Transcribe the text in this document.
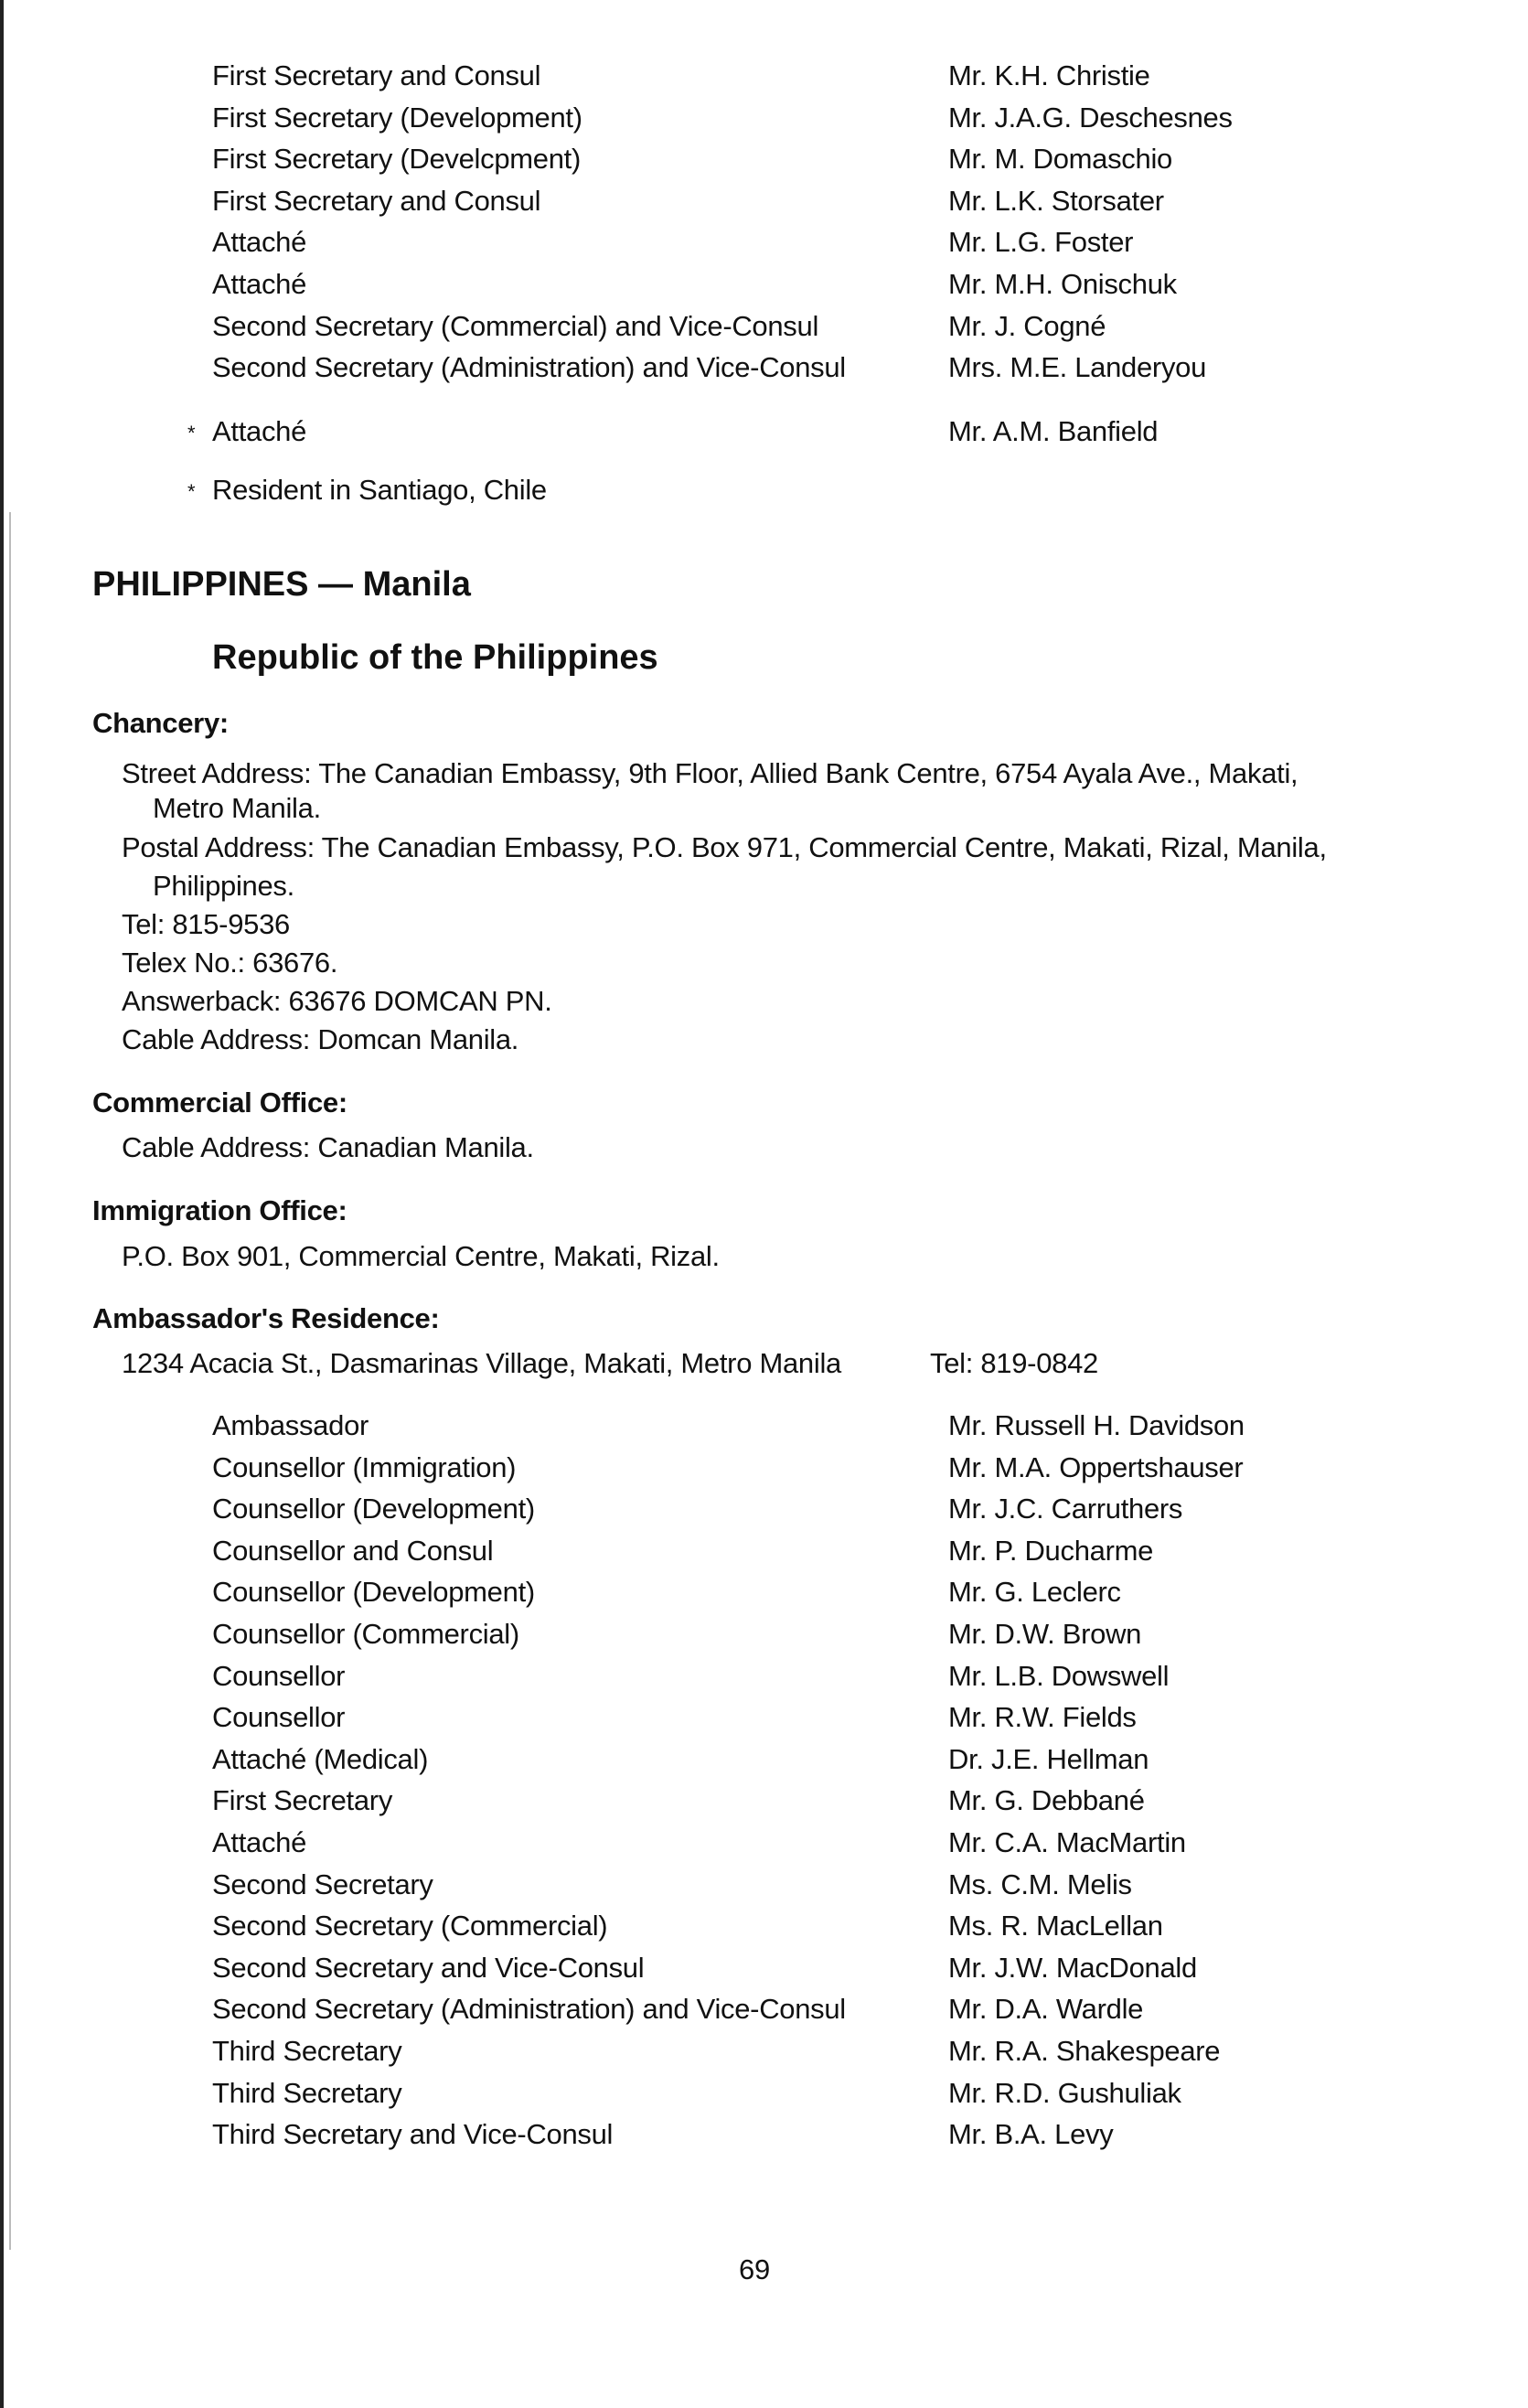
First Secretary and Consul	Mr. K.H. Christie
First Secretary (Development)	Mr. J.A.G. Deschesnes
First Secretary (Develcpment)	Mr. M. Domaschio
First Secretary and Consul	Mr. L.K. Storsater
Attaché	Mr. L.G. Foster
Attaché	Mr. M.H. Onischuk
Second Secretary (Commercial) and Vice-Consul	Mr. J. Cogné
Second Secretary (Administration) and Vice-Consul	Mrs. M.E. Landeryou
* Attaché	Mr. A.M. Banfield
* Resident in Santiago, Chile
PHILIPPINES — Manila
Republic of the Philippines
Chancery:
Street Address: The Canadian Embassy, 9th Floor, Allied Bank Centre, 6754 Ayala Ave., Makati,
Metro Manila.
Postal Address: The Canadian Embassy, P.O. Box 971, Commercial Centre, Makati, Rizal, Manila,
Philippines.
Tel: 815-9536
Telex No.: 63676.
Answerback: 63676 DOMCAN PN.
Cable Address: Domcan Manila.
Commercial Office:
Cable Address: Canadian Manila.
Immigration Office:
P.O. Box 901, Commercial Centre, Makati, Rizal.
Ambassador's Residence:
1234 Acacia St., Dasmarinas Village, Makati, Metro Manila	Tel: 819-0842
Ambassador	Mr. Russell H. Davidson
Counsellor (Immigration)	Mr. M.A. Oppertshauser
Counsellor (Development)	Mr. J.C. Carruthers
Counsellor and Consul	Mr. P. Ducharme
Counsellor (Development)	Mr. G. Leclerc
Counsellor (Commercial)	Mr. D.W. Brown
Counsellor	Mr. L.B. Dowswell
Counsellor	Mr. R.W. Fields
Attaché (Medical)	Dr. J.E. Hellman
First Secretary	Mr. G. Debbané
Attaché	Mr. C.A. MacMartin
Second Secretary	Ms. C.M. Melis
Second Secretary (Commercial)	Ms. R. MacLellan
Second Secretary and Vice-Consul	Mr. J.W. MacDonald
Second Secretary (Administration) and Vice-Consul	Mr. D.A. Wardle
Third Secretary	Mr. R.A. Shakespeare
Third Secretary	Mr. R.D. Gushuliak
Third Secretary and Vice-Consul	Mr. B.A. Levy
69
